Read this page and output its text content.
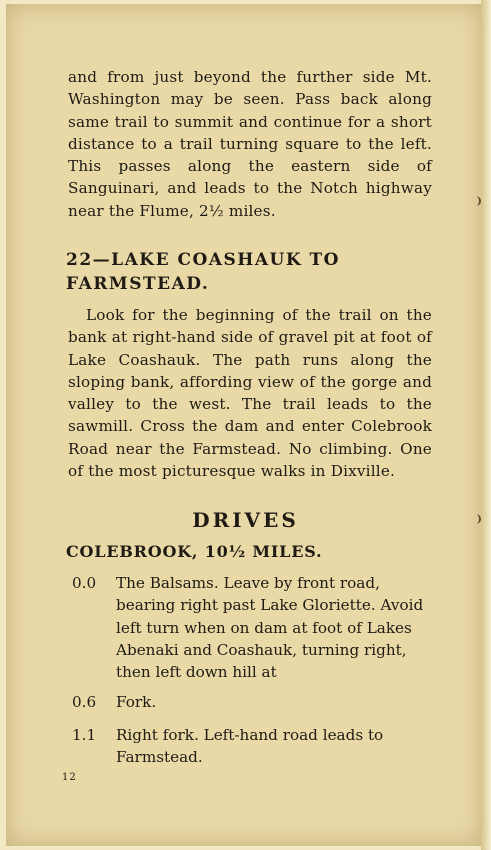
and from just beyond the further side Mt. Washington may be seen. Pass back along same trail to summit and continue for a short distance to a trail turning square to the left. This passes along the eastern side of Sanguinari, and leads to the Notch highway near the Flume, 2½ miles.

22—LAKE COASHAUK TO FARMSTEAD.

Look for the beginning of the trail on the bank at right-hand side of gravel pit at foot of Lake Coashauk. The path runs along the sloping bank, affording view of the gorge and valley to the west. The trail leads to the sawmill. Cross the dam and enter Colebrook Road near the Farmstead. No climbing. One of the most picturesque walks in Dixville.

DRIVES
COLEBROOK, 10½ MILES.
0.0	The Balsams. Leave by front road, bearing right past Lake Gloriette. Avoid left turn when on dam at foot of Lakes Abenaki and Coashauk, turning right, then left down hill at
0.6	Fork.
1.1	Right fork. Left-hand road leads to Farmstead.
12
